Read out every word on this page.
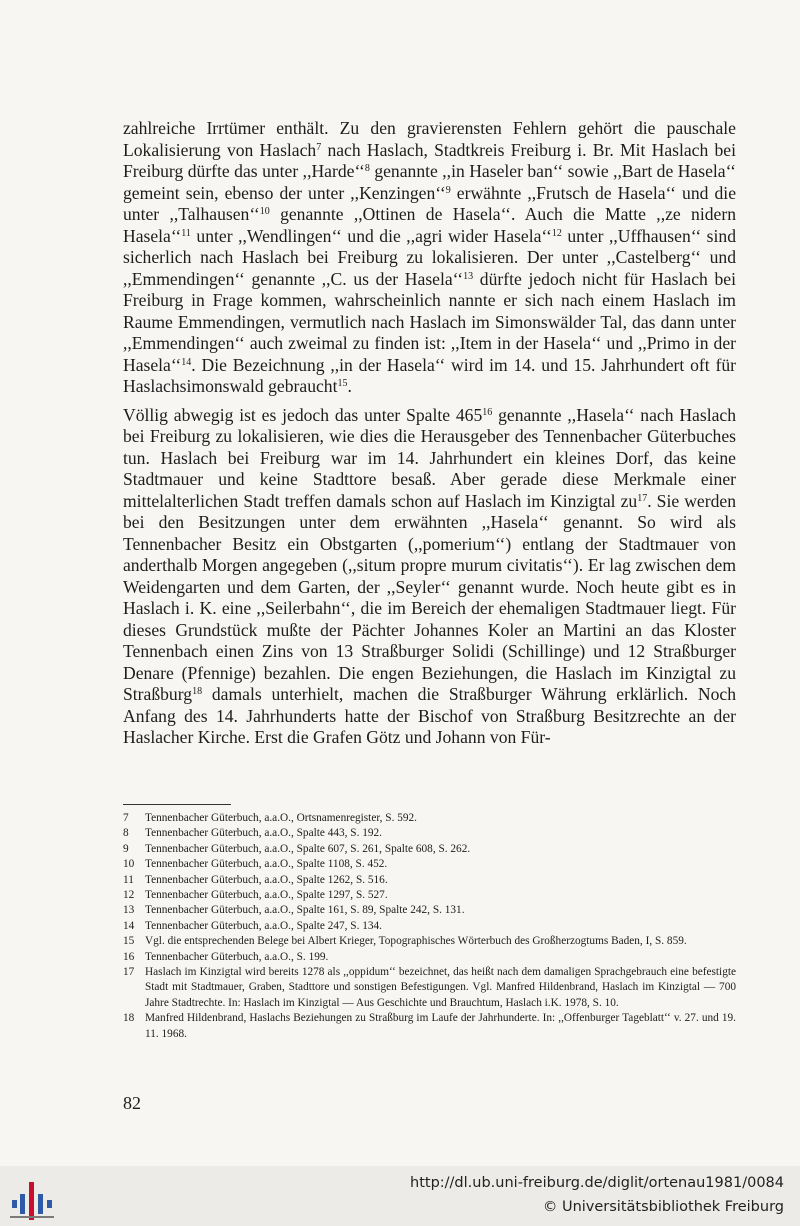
zahlreiche Irrtümer enthält. Zu den gravierensten Fehlern gehört die pauschale Lokalisierung von Haslach$^7$ nach Haslach, Stadtkreis Freiburg i. Br. Mit Haslach bei Freiburg dürfte das unter ,,Harde‘‘$^8$ genannte ,,in Haseler ban‘‘ sowie ,,Bart de Hasela‘‘ gemeint sein, ebenso der unter ,,Kenzingen‘‘$^9$ erwähnte ,,Frutsch de Hasela‘‘ und die unter ,,Talhausen‘‘$^{10}$ genannte ,,Ottinen de Hasela‘‘. Auch die Matte ,,ze nidern Hasela‘‘$^{11}$ unter ,,Wendlingen‘‘ und die ,,agri wider Hasela‘‘$^{12}$ unter ,,Uffhausen‘‘ sind sicherlich nach Haslach bei Freiburg zu lokalisieren. Der unter ,,Castelberg‘‘ und ,,Emmendingen‘‘ genannte ,,C. us der Hasela‘‘$^{13}$ dürfte jedoch nicht für Haslach bei Freiburg in Frage kommen, wahrscheinlich nannte er sich nach einem Haslach im Raume Emmendingen, vermutlich nach Haslach im Simonswälder Tal, das dann unter ,,Emmendingen‘‘ auch zweimal zu finden ist: ,,Item in der Hasela‘‘ und ,,Primo in der Hasela‘‘$^{14}$. Die Bezeichnung ,,in der Hasela‘‘ wird im 14. und 15. Jahrhundert oft für Haslachsimonswald gebraucht$^{15}$.

Völlig abwegig ist es jedoch das unter Spalte $465^{16}$ genannte ,,Hasela‘‘ nach Haslach bei Freiburg zu lokalisieren, wie dies die Herausgeber des Tennenbacher Güterbuches tun. Haslach bei Freiburg war im 14. Jahrhundert ein kleines Dorf, das keine Stadtmauer und keine Stadttore besaß. Aber gerade diese Merkmale einer mittelalterlichen Stadt treffen damals schon auf Haslach im Kinzigtal $zu^{17}$. Sie werden bei den Besitzungen unter dem erwähnten ,,Hasela‘‘ genannt. So wird als Tennenbacher Besitz ein Obstgarten (,,pomerium‘‘) entlang der Stadtmauer von anderthalb Morgen angegeben (,,situm propre murum civitatis‘‘). Er lag zwischen dem Weidengarten und dem Garten, der ,,Seyler‘‘ genannt wurde. Noch heute gibt es in Haslach i. K. eine ,,Seilerbahn‘‘, die im Bereich der ehemaligen Stadtmauer liegt. Für dieses Grundstück mußte der Pächter Johannes Koler an Martini an das Kloster Tennenbach einen Zins von 13 Straßburger Solidi (Schillinge) und 12 Straßburger Denare (Pfennige) bezahlen. Die engen Beziehungen, die Haslach im Kinzigtal zu Straßburg$^{18}$ damals unterhielt, machen die Straßburger Währung erklärlich. Noch Anfang des 14. Jahrhunderts hatte der Bischof von Straßburg Besitzrechte an der Haslacher Kirche. Erst die Grafen Götz und Johann von Für-

7 Tennenbacher Güterbuch, a.a.O., Ortsnamenregister, S. 592.
8 Tennenbacher Güterbuch, a.a.O., Spalte 443, S. 192.
9 Tennenbacher Güterbuch, a.a.O., Spalte 607, S. 261, Spalte 608, S. 262.
10 Tennenbacher Güterbuch, a.a.O., Spalte 1108, S. 452.
11 Tennenbacher Güterbuch, a.a.O., Spalte 1262, S. 516.
12 Tennenbacher Güterbuch, a.a.O., Spalte 1297, S. 527.
13 Tennenbacher Güterbuch, a.a.O., Spalte 161, S. 89, Spalte 242, S. 131.
14 Tennenbacher Güterbuch, a.a.O., Spalte 247, S. 134.
15 Vgl. die entsprechenden Belege bei Albert Krieger, Topographisches Wörterbuch des Großherzogtums Baden, I, S. 859.
16 Tennenbacher Güterbuch, a.a.O., S. 199.
17 Haslach im Kinzigtal wird bereits 1278 als ,,oppidum‘‘ bezeichnet, das heißt nach dem damaligen Sprachgebrauch eine befestigte Stadt mit Stadtmauer, Graben, Stadttore und sonstigen Befestigungen. Vgl. Manfred Hildenbrand, Haslach im Kinzigtal — 700 Jahre Stadtrechte. In: Haslach im Kinzigtal — Aus Geschichte und Brauchtum, Haslach i.K. 1978, S. 10.
18 Manfred Hildenbrand, Haslachs Beziehungen zu Straßburg im Laufe der Jahrhunderte. In: ,,Offenburger Tageblatt‘‘ v. 27. und 19. 11. 1968.
82
http://dl.ub.uni-freiburg.de/diglit/ortenau1981/0084
© Universitätsbibliothek Freiburg
